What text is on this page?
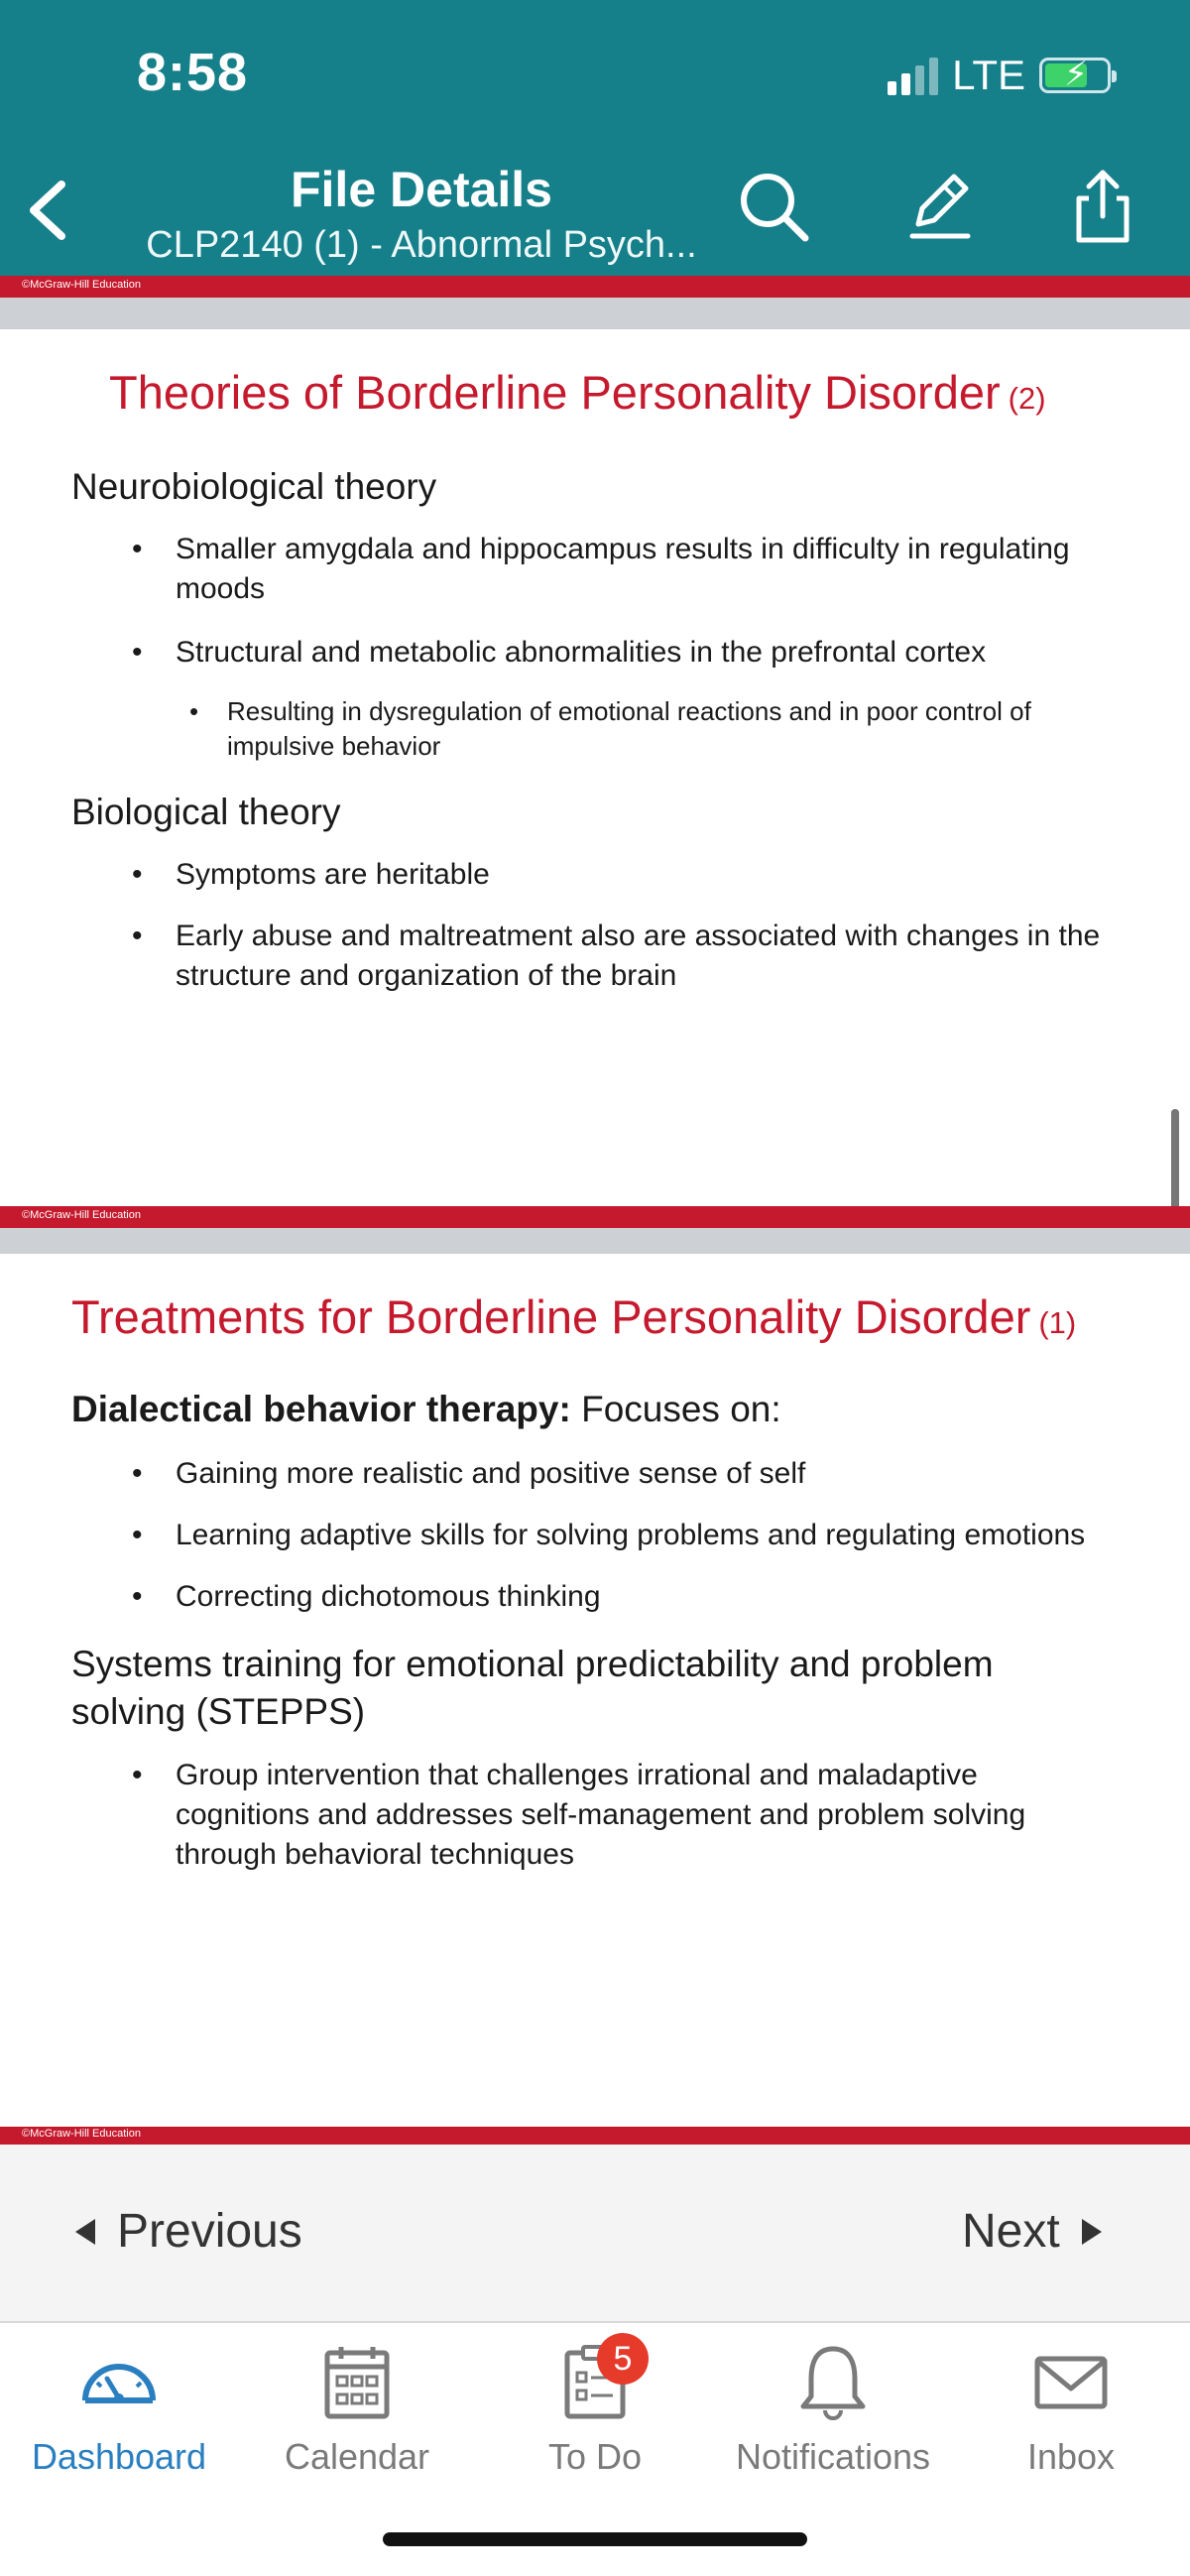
8:58	LTE ⚡
File Details
CLP2140 (1) - Abnormal Psych...
©McGraw-Hill Education
Theories of Borderline Personality Disorder (2)
Neurobiological theory
• Smaller amygdala and hippocampus results in difficulty in regulating moods
• Structural and metabolic abnormalities in the prefrontal cortex
• Resulting in dysregulation of emotional reactions and in poor control of impulsive behavior
Biological theory
• Symptoms are heritable
• Early abuse and maltreatment also are associated with changes in the structure and organization of the brain
©McGraw-Hill Education
Treatments for Borderline Personality Disorder (1)
Dialectical behavior therapy: Focuses on:
• Gaining more realistic and positive sense of self
• Learning adaptive skills for solving problems and regulating emotions
• Correcting dichotomous thinking
Systems training for emotional predictability and problem solving (STEPPS)
• Group intervention that challenges irrational and maladaptive cognitions and addresses self-management and problem solving through behavioral techniques
©McGraw-Hill Education
Previous	Next
Dashboard	Calendar
5
To Do	Notifications	Inbox
